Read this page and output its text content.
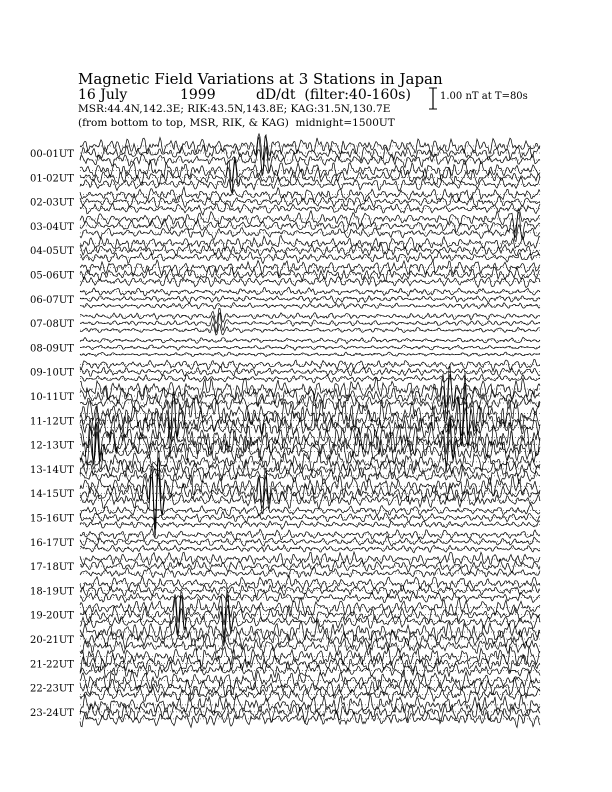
Magnetic Field Variations at 3 Stations in Japan
16 July	1999	dD/dt (filter:40-160s)
MSR:44.4N,142.3E; RIK:43.5N,143.8E; KAG:31.5N,130.7E
(from bottom to top, MSR, RIK, & KAG) midnight=1500UT
1.00 nT at T=80s
00-01UT
01-02UT
02-03UT
03-04UT
04-05UT
05-06UT
06-07UT
07-08UT
08-09UT
09-10UT
10-11UT
11-12UT
12-13UT
13-14UT
14-15UT
15-16UT
16-17UT
17-18UT
18-19UT
19-20UT
20-21UT
21-22UT
22-23UT
23-24UT
